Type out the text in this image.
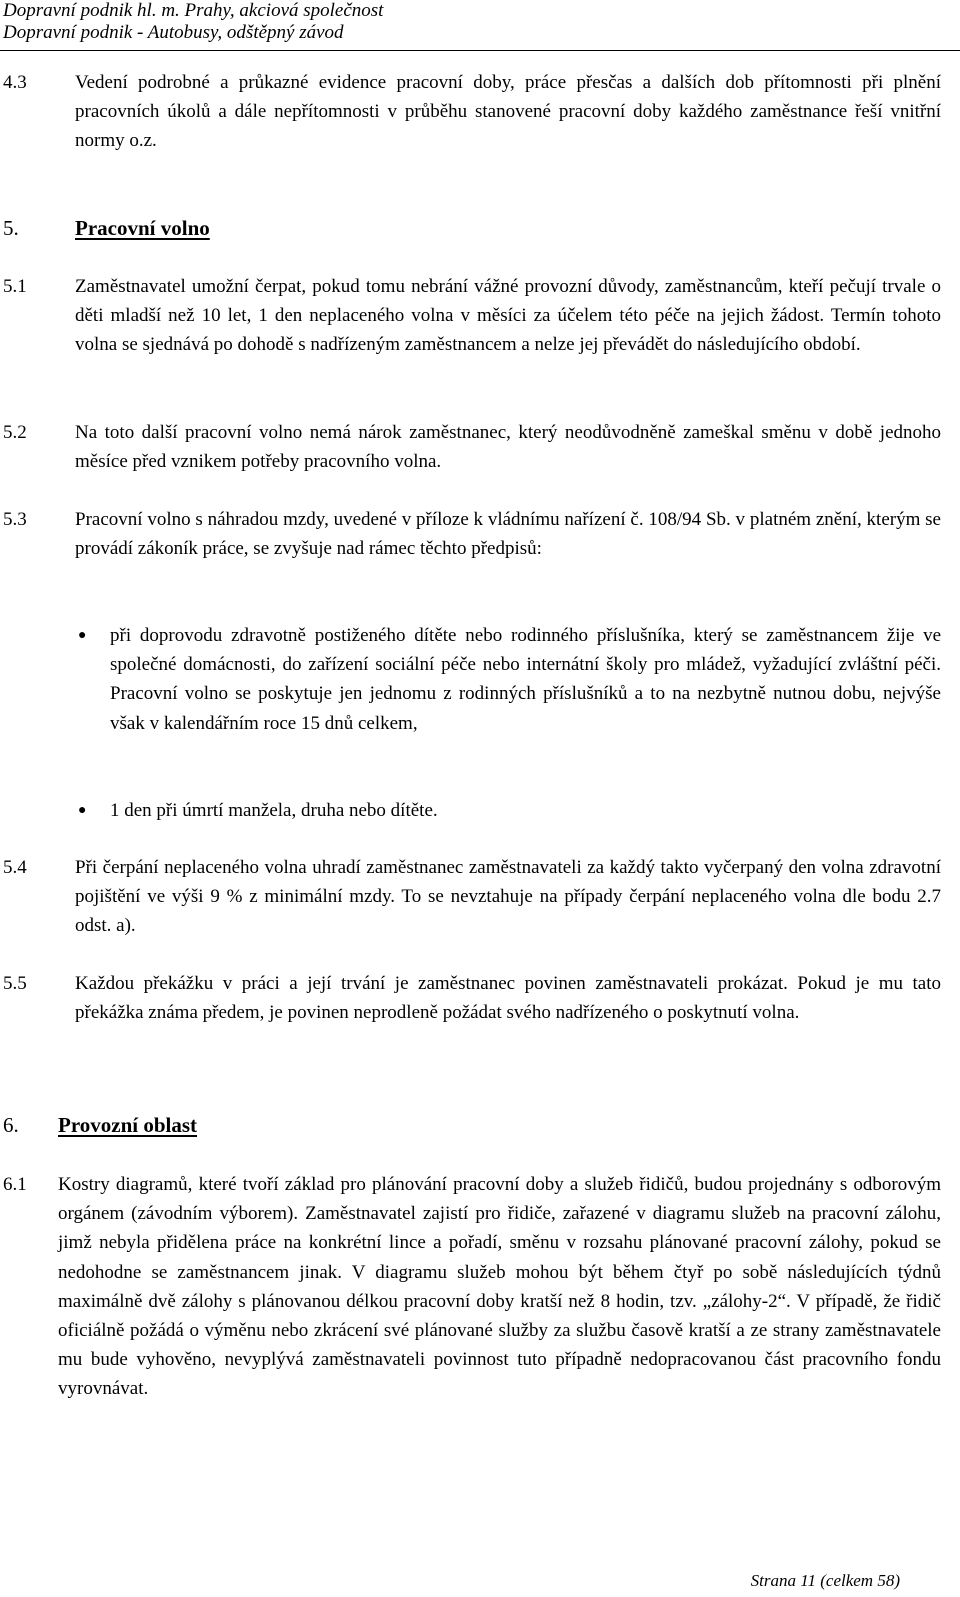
Dopravní podnik hl. m. Prahy, akciová společnost
Dopravní podnik - Autobusy, odštěpný závod
4.3	Vedení podrobné a průkazné evidence pracovní doby, práce přesčas a dalších dob přítomnosti při plnění pracovních úkolů a dále nepřítomnosti v průběhu stanovené pracovní doby každého zaměstnance řeší vnitřní normy o.z.
5.	Pracovní volno
5.1	Zaměstnavatel umožní čerpat, pokud tomu nebrání vážné provozní důvody, zaměstnancům, kteří pečují trvale o děti mladší než 10 let, 1 den neplaceného volna v měsíci za účelem této péče na jejich žádost. Termín tohoto volna se sjednává po dohodě s nadřízeným zaměstnancem a nelze jej převádět do následujícího období.
5.2	Na toto další pracovní volno nemá nárok zaměstnanec, který neodůvodněně zameškal směnu v době jednoho měsíce před vznikem potřeby pracovního volna.
5.3	Pracovní volno s náhradou mzdy, uvedené v příloze k vládnímu nařízení č. 108/94 Sb. v platném znění, kterým se provádí zákoník práce, se zvyšuje nad rámec těchto předpisů:
● při doprovodu zdravotně postiženého dítěte nebo rodinného příslušníka, který se zaměstnancem žije ve společné domácnosti, do zařízení sociální péče nebo internátní školy pro mládež, vyžadující zvláštní péči. Pracovní volno se poskytuje jen jednomu z rodinných příslušníků a to na nezbytně nutnou dobu, nejvýše však v kalendářním roce 15 dnů celkem,
● 1 den při úmrtí manžela, druha nebo dítěte.
5.4	Při čerpání neplaceného volna uhradí zaměstnanec zaměstnavateli za každý takto vyčerpaný den volna zdravotní pojištění ve výši 9 % z minimální mzdy. To se nevztahuje na případy čerpání neplaceného volna dle bodu 2.7 odst. a).
5.5	Každou překážku v práci a její trvání je zaměstnanec povinen zaměstnavateli prokázat. Pokud je mu tato překážka známa předem, je povinen neprodleně požádat svého nadřízeného o poskytnutí volna.
6. Provozní oblast
6.1 Kostry diagramů, které tvoří základ pro plánování pracovní doby a služeb řidičů, budou projednány s odborovým orgánem (závodním výborem). Zaměstnavatel zajistí pro řidiče, zařazené v diagramu služeb na pracovní zálohu, jimž nebyla přidělena práce na konkrétní lince a pořadí, směnu v rozsahu plánované pracovní zálohy, pokud se nedohodne se zaměstnancem jinak. V diagramu služeb mohou být během čtyř po sobě následujících týdnů maximálně dvě zálohy s plánovanou délkou pracovní doby kratší než 8 hodin, tzv. „zálohy-2“. V případě, že řidič oficiálně požádá o výměnu nebo zkrácení své plánované služby za službu časově kratší a ze strany zaměstnavatele mu bude vyhověno, nevyplývá zaměstnavateli povinnost tuto případně nedopracovanou část pracovního fondu vyrovnávat.
Strana 11 (celkem 58)
